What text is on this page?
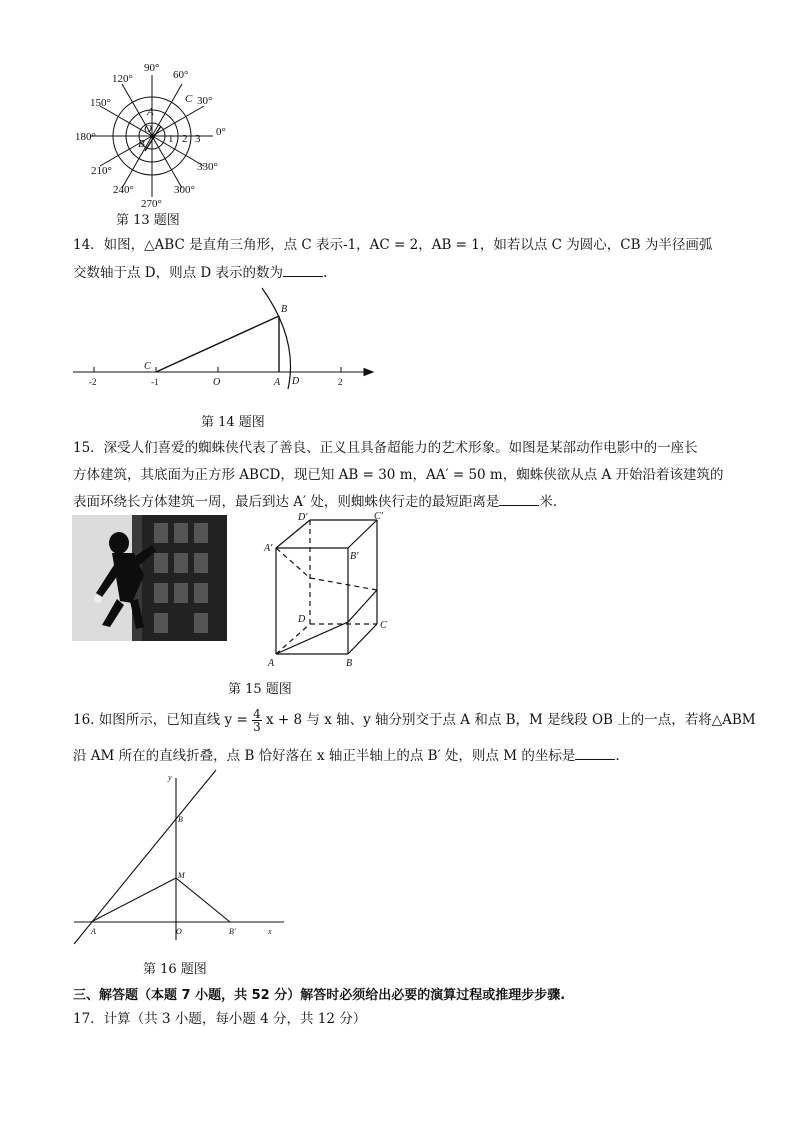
90°
60°
120°
150°	30°
180°	0°
210°	330°
240°	300°
270°
A
C
O
B 1 2 3
第 13 题图
14．如图，△ABC 是直角三角形，点 C 表示-1，AC = 2，AB = 1，如若以点 C 为圆心，CB 为半径画弧
交数轴于点 D，则点 D 表示的数为	.
-2	-1	O	A	2
B
C
D
第 14 题图
15．深受人们喜爱的蜘蛛侠代表了善良、正义且具备超能力的艺术形象。如图是某部动作电影中的一座长
方体建筑，其底面为正方形 ABCD，现已知 AB = 30 m，AA′ = 50 m，蜘蛛侠欲从点 A 开始沿着该建筑的
表面环绕长方体建筑一周，最后到达 A′ 处，则蜘蛛侠行走的最短距离是	米.
D′	C′
A′
B′
D
C
A	B
第 15 题图
16. 如图所示，已知直线 $y = \frac{4}{3}$ x + 8 与 x 轴、y 轴分别交于点 A 和点 B，M 是线段 OB 上的一点，若将△ABM
沿 AM 所在的直线折叠，点 B 恰好落在 x 轴正半轴上的点 B′ 处，则点 M 的坐标是	.
y
B
M
A	O	B′	x
第 16 题图
三、解答题（本题 7 小题，共 52 分）解答时必须给出必要的演算过程或推理步步骤.
17．计算（共 3 小题，每小题 4 分，共 12 分）
